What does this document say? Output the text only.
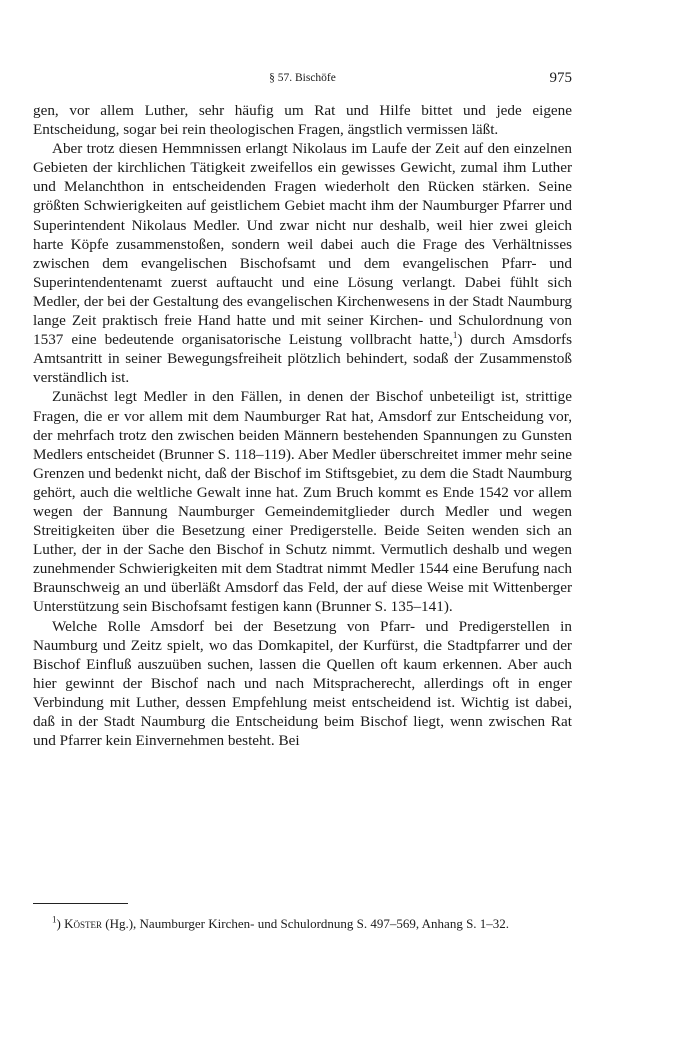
§ 57. Bischöfe	975

gen, vor allem Luther, sehr häufig um Rat und Hilfe bittet und jede eigene Entscheidung, sogar bei rein theologischen Fragen, ängstlich vermissen läßt.

Aber trotz diesen Hemmnissen erlangt Nikolaus im Laufe der Zeit auf den einzelnen Gebieten der kirchlichen Tätigkeit zweifellos ein gewisses Gewicht, zumal ihm Luther und Melanchthon in entscheidenden Fragen wiederholt den Rücken stärken. Seine größten Schwierigkeiten auf geistlichem Gebiet macht ihm der Naumburger Pfarrer und Superintendent Nikolaus Medler. Und zwar nicht nur deshalb, weil hier zwei gleich harte Köpfe zusammenstoßen, sondern weil dabei auch die Frage des Verhältnisses zwischen dem evangelischen Bischofsamt und dem evangelischen Pfarr- und Superintendentenamt zuerst auftaucht und eine Lösung verlangt. Dabei fühlt sich Medler, der bei der Gestaltung des evangelischen Kirchenwesens in der Stadt Naumburg lange Zeit praktisch freie Hand hatte und mit seiner Kirchen- und Schulordnung von 1537 eine bedeutende organisatorische Leistung vollbracht hatte,$^1$) durch Amsdorfs Amtsantritt in seiner Bewegungsfreiheit plötzlich behindert, sodaß der Zusammenstoß verständlich ist.

Zunächst legt Medler in den Fällen, in denen der Bischof unbeteiligt ist, strittige Fragen, die er vor allem mit dem Naumburger Rat hat, Amsdorf zur Entscheidung vor, der mehrfach trotz den zwischen beiden Männern bestehenden Spannungen zu Gunsten Medlers entscheidet (Brunner S. 118–119). Aber Medler überschreitet immer mehr seine Grenzen und bedenkt nicht, daß der Bischof im Stiftsgebiet, zu dem die Stadt Naumburg gehört, auch die weltliche Gewalt inne hat. Zum Bruch kommt es Ende 1542 vor allem wegen der Bannung Naumburger Gemeindemitglieder durch Medler und wegen Streitigkeiten über die Besetzung einer Predigerstelle. Beide Seiten wenden sich an Luther, der in der Sache den Bischof in Schutz nimmt. Vermutlich deshalb und wegen zunehmender Schwierigkeiten mit dem Stadtrat nimmt Medler 1544 eine Berufung nach Braunschweig an und überläßt Amsdorf das Feld, der auf diese Weise mit Wittenberger Unterstützung sein Bischofsamt festigen kann (Brunner S. 135–141).

Welche Rolle Amsdorf bei der Besetzung von Pfarr- und Predigerstellen in Naumburg und Zeitz spielt, wo das Domkapitel, der Kurfürst, die Stadtpfarrer und der Bischof Einfluß auszuüben suchen, lassen die Quellen oft kaum erkennen. Aber auch hier gewinnt der Bischof nach und nach Mitspracherecht, allerdings oft in enger Verbindung mit Luther, dessen Empfehlung meist entscheidend ist. Wichtig ist dabei, daß in der Stadt Naumburg die Entscheidung beim Bischof liegt, wenn zwischen Rat und Pfarrer kein Einvernehmen besteht. Bei

$^1$) Köster (Hg.), Naumburger Kirchen- und Schulordnung S. 497–569, Anhang S. 1–32.
